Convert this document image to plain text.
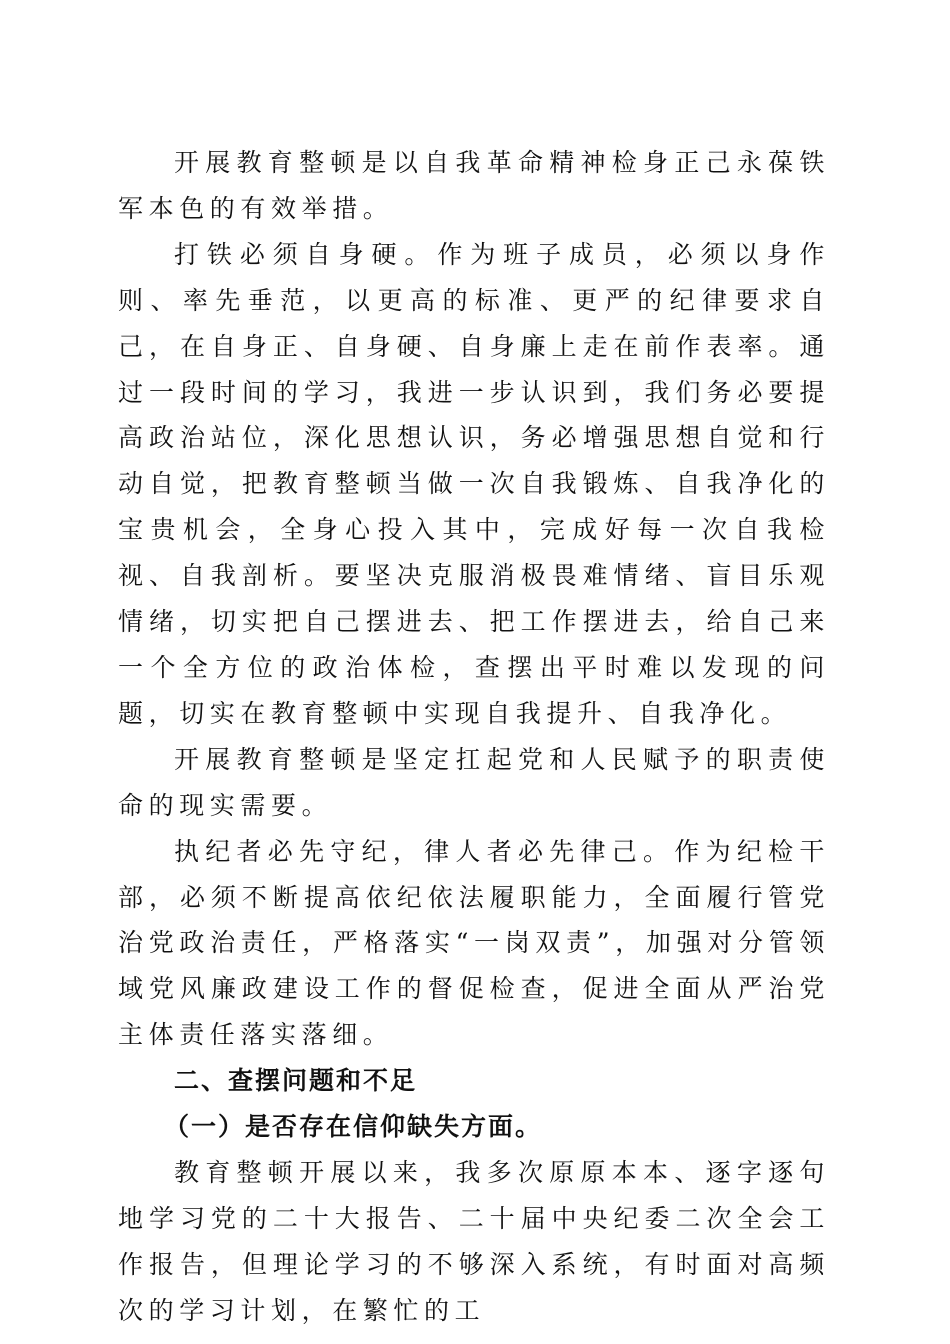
开展教育整顿是以自我革命精神检身正己永葆铁军本色的有效举措。

打铁必须自身硬。作为班子成员，必须以身作则、率先垂范，以更高的标准、更严的纪律要求自己，在自身正、自身硬、自身廉上走在前作表率。通过一段时间的学习，我进一步认识到，我们务必要提高政治站位，深化思想认识，务必增强思想自觉和行动自觉，把教育整顿当做一次自我锻炼、自我净化的宝贵机会，全身心投入其中，完成好每一次自我检视、自我剖析。要坚决克服消极畏难情绪、盲目乐观情绪，切实把自己摆进去、把工作摆进去，给自己来一个全方位的政治体检，查摆出平时难以发现的问题，切实在教育整顿中实现自我提升、自我净化。

开展教育整顿是坚定扛起党和人民赋予的职责使命的现实需要。

执纪者必先守纪，律人者必先律己。作为纪检干部，必须不断提高依纪依法履职能力，全面履行管党治党政治责任，严格落实“一岗双责”，加强对分管领域党风廉政建设工作的督促检查，促进全面从严治党主体责任落实落细。

二、查摆问题和不足

（一）是否存在信仰缺失方面。

教育整顿开展以来，我多次原原本本、逐字逐句地学习党的二十大报告、二十届中央纪委二次全会工作报告，但理论学习的不够深入系统，有时面对高频次的学习计划，在繁忙的工
